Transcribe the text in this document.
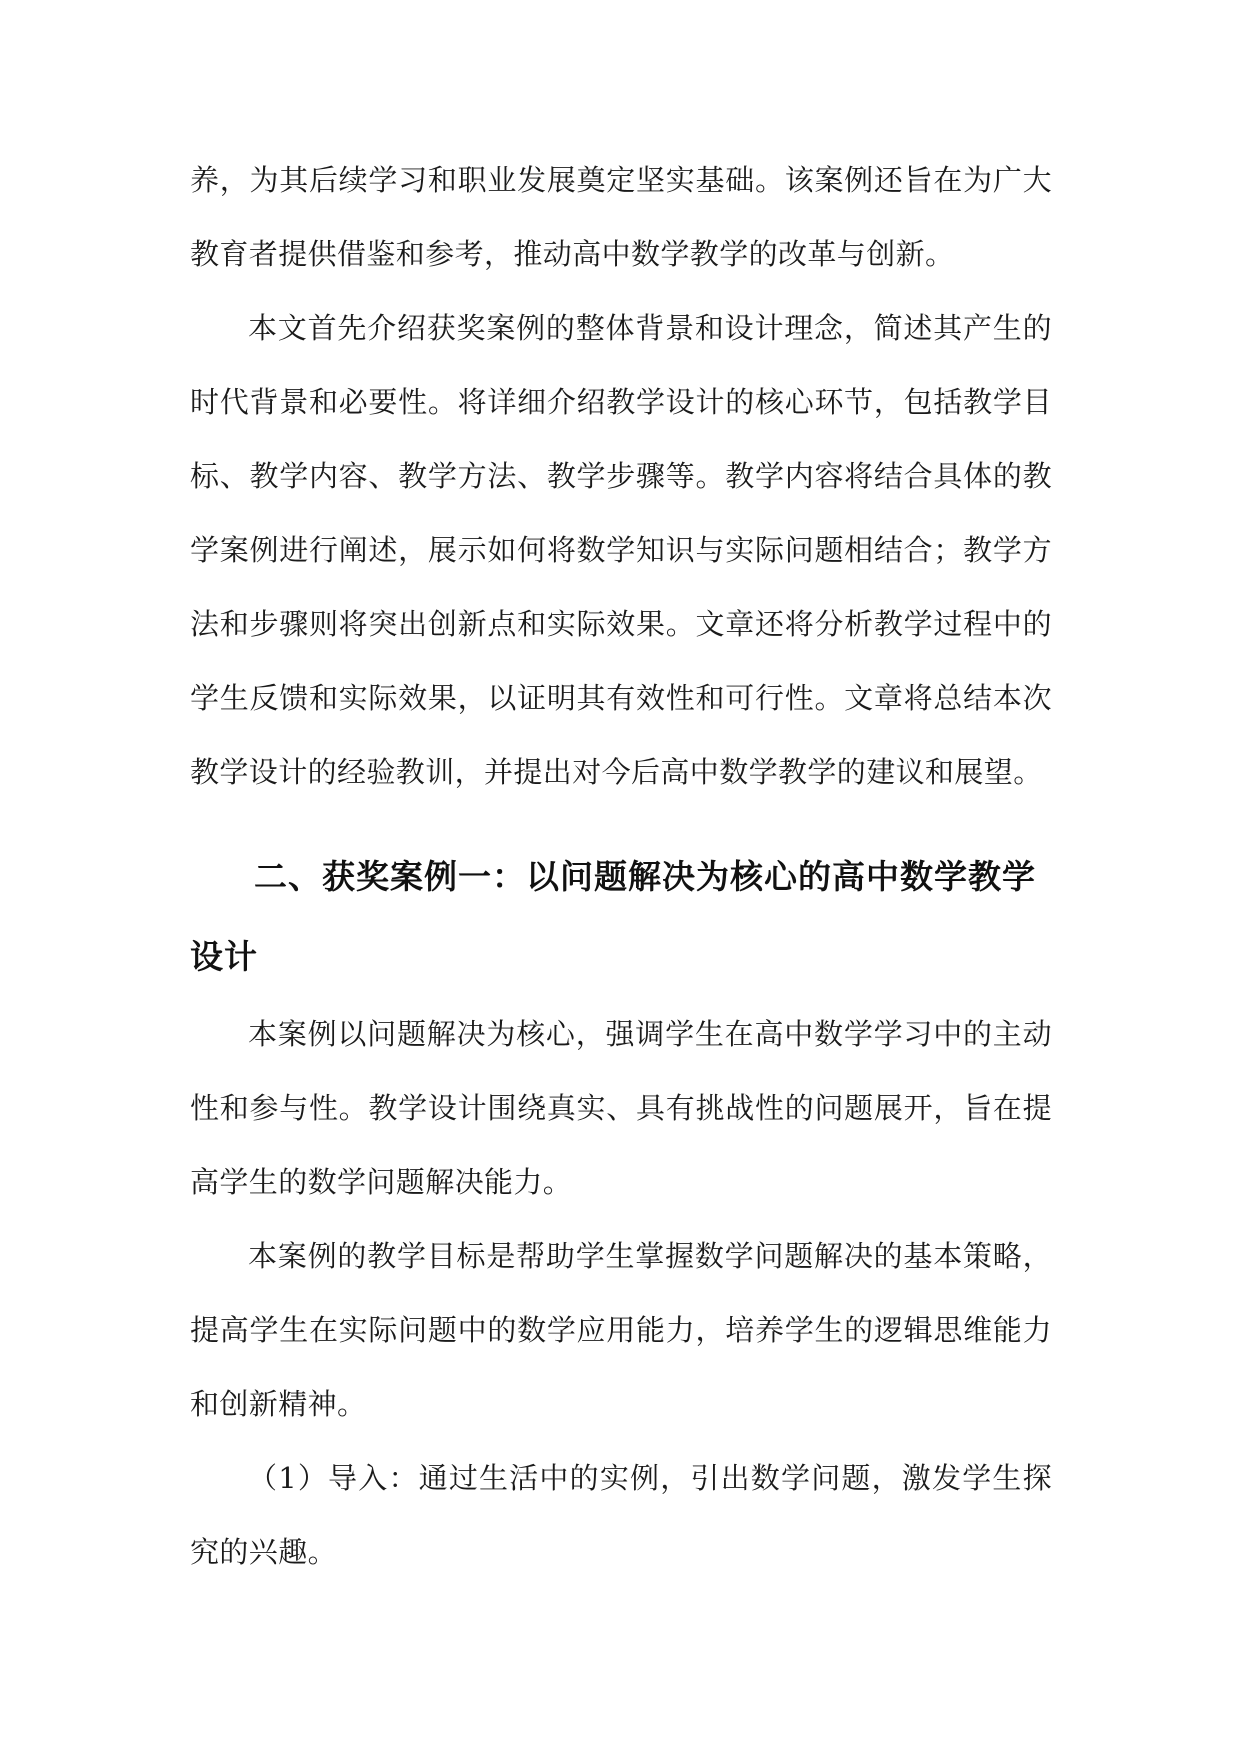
养，为其后续学习和职业发展奠定坚实基础。该案例还旨在为广大教育者提供借鉴和参考，推动高中数学教学的改革与创新。

本文首先介绍获奖案例的整体背景和设计理念，简述其产生的时代背景和必要性。将详细介绍教学设计的核心环节，包括教学目标、教学内容、教学方法、教学步骤等。教学内容将结合具体的教学案例进行阐述，展示如何将数学知识与实际问题相结合；教学方法和步骤则将突出创新点和实际效果。文章还将分析教学过程中的学生反馈和实际效果，以证明其有效性和可行性。文章将总结本次教学设计的经验教训，并提出对今后高中数学教学的建议和展望。

二、获奖案例一：以问题解决为核心的高中数学教学设计

本案例以问题解决为核心，强调学生在高中数学学习中的主动性和参与性。教学设计围绕真实、具有挑战性的问题展开，旨在提高学生的数学问题解决能力。

本案例的教学目标是帮助学生掌握数学问题解决的基本策略，提高学生在实际问题中的数学应用能力，培养学生的逻辑思维能力和创新精神。

（1）导入：通过生活中的实例，引出数学问题，激发学生探究的兴趣。
